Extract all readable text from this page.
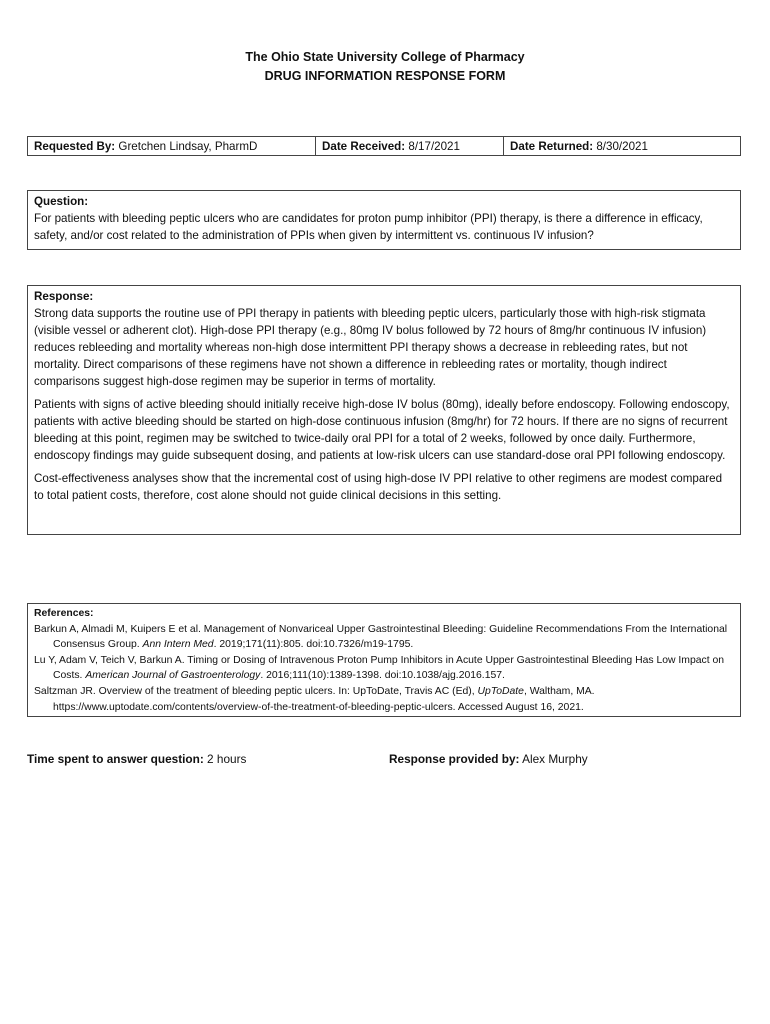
The Ohio State University College of Pharmacy
DRUG INFORMATION RESPONSE FORM
Requested By: Gretchen Lindsay, PharmD	Date Received: 8/17/2021	Date Returned: 8/30/2021
Question:
For patients with bleeding peptic ulcers who are candidates for proton pump inhibitor (PPI) therapy, is there a difference in efficacy, safety, and/or cost related to the administration of PPIs when given by intermittent vs. continuous IV infusion?
Response:

Strong data supports the routine use of PPI therapy in patients with bleeding peptic ulcers, particularly those with high-risk stigmata (visible vessel or adherent clot). High-dose PPI therapy (e.g., 80mg IV bolus followed by 72 hours of 8mg/hr continuous IV infusion) reduces rebleeding and mortality whereas non-high dose intermittent PPI therapy shows a decrease in rebleeding rates, but not mortality. Direct comparisons of these regimens have not shown a difference in rebleeding rates or mortality, though indirect comparisons suggest high-dose regimen may be superior in terms of mortality.

Patients with signs of active bleeding should initially receive high-dose IV bolus (80mg), ideally before endoscopy. Following endoscopy, patients with active bleeding should be started on high-dose continuous infusion (8mg/hr) for 72 hours. If there are no signs of recurrent bleeding at this point, regimen may be switched to twice-daily oral PPI for a total of 2 weeks, followed by once daily. Furthermore, endoscopy findings may guide subsequent dosing, and patients at low-risk ulcers can use standard-dose oral PPI following endoscopy.

Cost-effectiveness analyses show that the incremental cost of using high-dose IV PPI relative to other regimens are modest compared to total patient costs, therefore, cost alone should not guide clinical decisions in this setting.

References:
Barkun A, Almadi M, Kuipers E et al. Management of Nonvariceal Upper Gastrointestinal Bleeding: Guideline Recommendations From the International Consensus Group. Ann Intern Med. 2019;171(11):805. doi:10.7326/m19-1795.
Lu Y, Adam V, Teich V, Barkun A. Timing or Dosing of Intravenous Proton Pump Inhibitors in Acute Upper Gastrointestinal Bleeding Has Low Impact on Costs. American Journal of Gastroenterology. 2016;111(10):1389-1398. doi:10.1038/ajg.2016.157.
Saltzman JR. Overview of the treatment of bleeding peptic ulcers. In: UpToDate, Travis AC (Ed), UpToDate, Waltham, MA. https://www.uptodate.com/contents/overview-of-the-treatment-of-bleeding-peptic-ulcers. Accessed August 16, 2021.
Time spent to answer question: 2 hours	Response provided by: Alex Murphy
